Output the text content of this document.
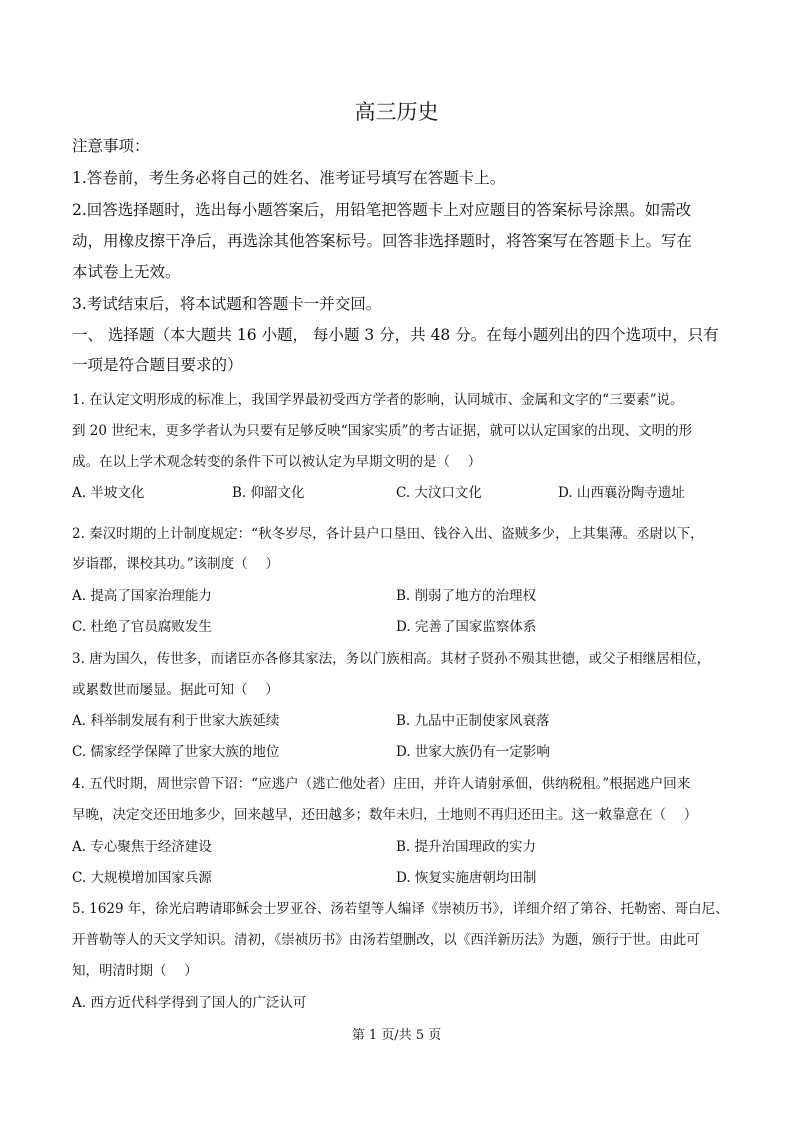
高三历史
注意事项：
1.答卷前，考生务必将自己的姓名、准考证号填写在答题卡上。
2.回答选择题时，选出每小题答案后，用铅笔把答题卡上对应题目的答案标号涂黑。如需改
动，用橡皮擦干净后，再选涂其他答案标号。回答非选择题时，将答案写在答题卡上。写在
本试卷上无效。
3.考试结束后，将本试题和答题卡一并交回。
一、 选择题（本大题共 16 小题， 每小题 3 分，共 48 分。在每小题列出的四个选项中，只有
一项是符合题目要求的）
1. 在认定文明形成的标准上，我国学界最初受西方学者的影响，认同城市、金属和文字的“三要素”说。
到 20 世纪末，更多学者认为只要有足够反映“国家实质”的考古证据，就可以认定国家的出现、文明的形
成。在以上学术观念转变的条件下可以被认定为早期文明的是（　 ）
A. 半坡文化	B. 仰韶文化	C. 大汶口文化	D. 山西襄汾陶寺遗址
2. 秦汉时期的上计制度规定：“秋冬岁尽，各计县户口垦田、钱谷入出、盗贼多少，上其集薄。丞尉以下，
岁诣郡，课校其功。”该制度（　 ）
A. 提高了国家治理能力	B. 削弱了地方的治理权
C. 杜绝了官员腐败发生	D. 完善了国家监察体系
3. 唐为国久，传世多，而诸臣亦各修其家法，务以门族相高。其材子贤孙不殒其世德，或父子相继居相位，
或累数世而屡显。据此可知（　 ）
A. 科举制发展有利于世家大族延续	B. 九品中正制使家风衰落
C. 儒家经学保障了世家大族的地位	D. 世家大族仍有一定影响
4. 五代时期，周世宗曾下诏：“应逃户（逃亡他处者）庄田，并许人请射承佃，供纳税租。”根据逃户回来
早晚，决定交还田地多少，回来越早，还田越多；数年未归，土地则不再归还田主。这一敕靠意在（　 ）
A. 专心聚焦于经济建设	B. 提升治国理政的实力
C. 大规模增加国家兵源	D. 恢复实施唐朝均田制
5. 1629 年，徐光启聘请耶稣会士罗亚谷、汤若望等人编译《崇祯历书》，详细介绍了第谷、托勒密、哥白尼、
开普勒等人的天文学知识。清初，《崇祯历书》由汤若望删改，以《西洋新历法》为题，颁行于世。由此可
知，明清时期（　 ）
A. 西方近代科学得到了国人的广泛认可
第 1 页/共 5 页
